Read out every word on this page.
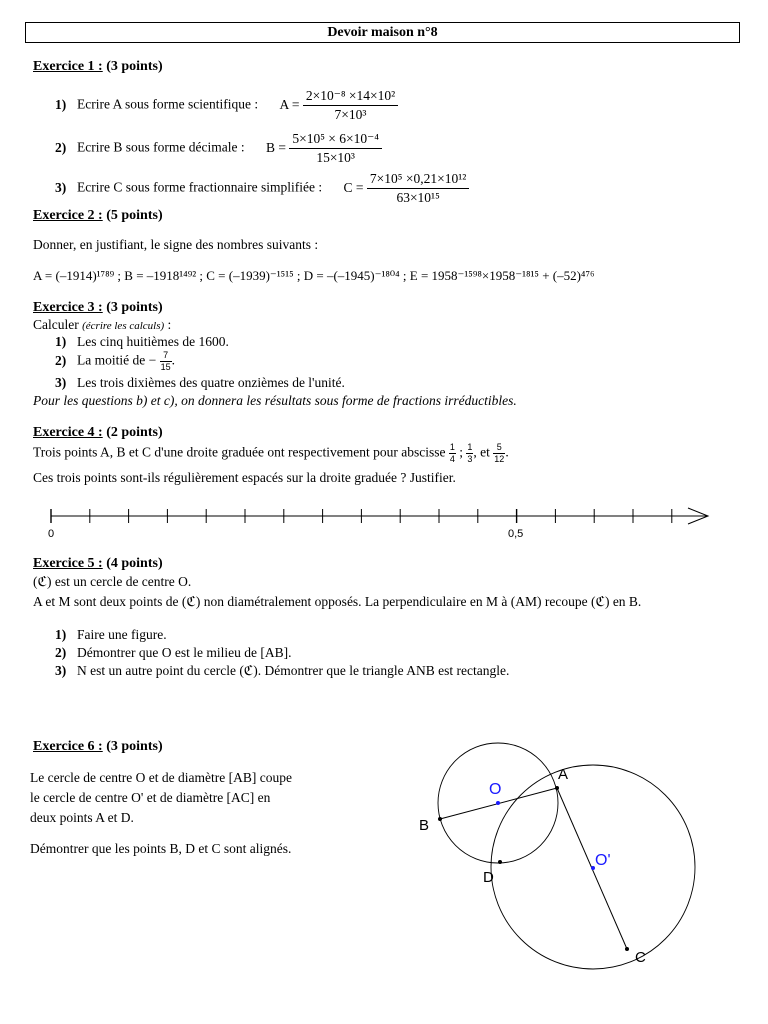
Devoir maison n°8
Exercice 1 : (3 points)
1) Ecrire A sous forme scientifique : $A = \frac{\text{2×10⁻⁸ ×14×10²}}{\text{7×10³}}$
2) Ecrire B sous forme décimale : $B = \frac{\text{5×10⁵ × 6×10⁻⁴}}{\text{15×10³}}$
3) Ecrire C sous forme fractionnaire simplifiée : $C = \frac{\text{7×10⁵ ×0,21×10¹²}}{\text{63×10¹⁵}}$
Exercice 2 : (5 points)
Donner, en justifiant, le signe des nombres suivants :
A = (–1914)¹⁷⁸⁹ ; B = –1918¹⁴⁹² ; C = (–1939)⁻¹⁵¹⁵ ; D = –(–1945)⁻¹⁸⁰⁴ ; E = 1958⁻¹⁵⁹⁸×1958⁻¹⁸¹⁵ + (–52)⁴⁷⁶
Exercice 3 : (3 points)
Calculer (écrire les calculs) :
1) Les cinq huitièmes de 1600.
2) La moitié de − $\frac{7}{15}$ .
3) Les trois dixièmes des quatre onzièmes de l'unité.
Pour les questions b) et c), on donnera les résultats sous forme de fractions irréductibles.
Exercice 4 : (2 points)
Trois points A, B et C d'une droite graduée ont respectivement pour abscisse $\frac{1}{4}$ ; $\frac{1}{3}$ , et $\frac{5}{12}$ .
Ces trois points sont-ils régulièrement espacés sur la droite graduée ? Justifier.
0	0,5
Exercice 5 : (4 points)
(ℭ) est un cercle de centre O.
A et M sont deux points de (ℭ) non diamétralement opposés. La perpendiculaire en M à (AM) recoupe (ℭ) en B.
1) Faire une figure.
2) Démontrer que O est le milieu de [AB].
3) N est un autre point du cercle (ℭ). Démontrer que le triangle ANB est rectangle.
Exercice 6 : (3 points)
Le cercle de centre O et de diamètre [AB] coupe
le cercle de centre O' et de diamètre [AC] en
deux points A et D.
Démontrer que les points B, D et C sont alignés.
A
B
C
D
O
O'
